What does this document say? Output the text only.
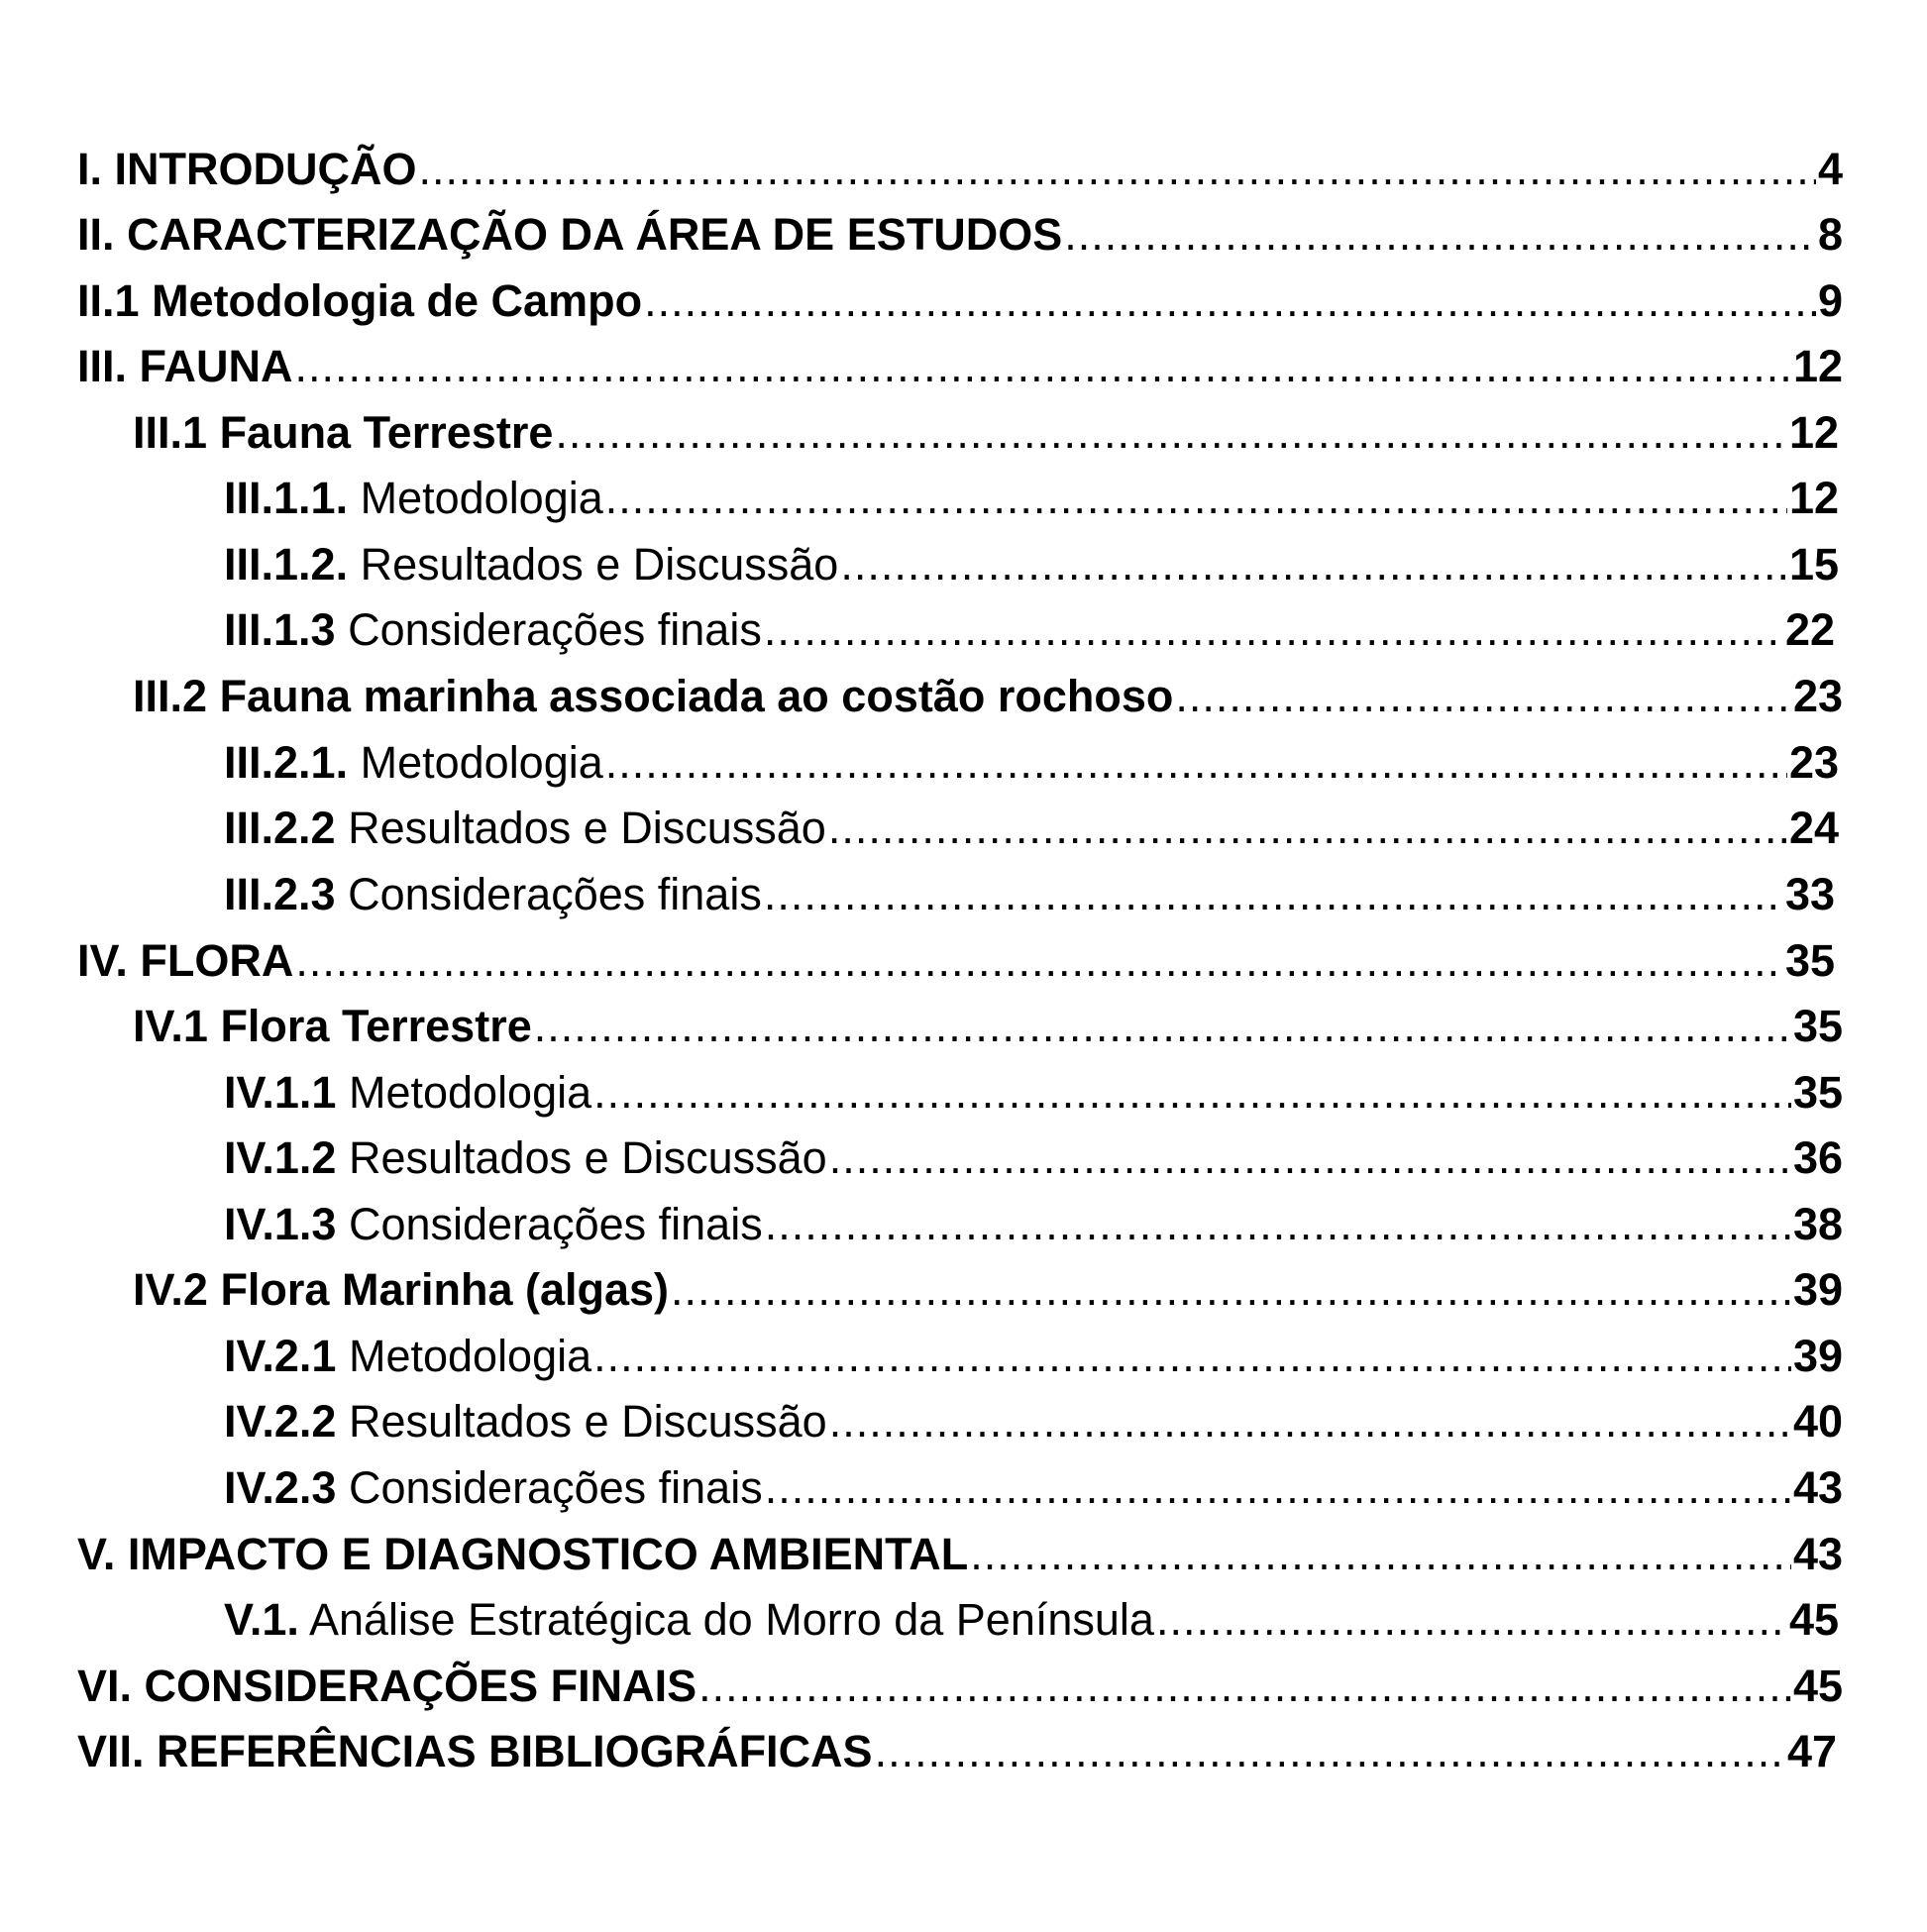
I. INTRODUÇÃO .....	4
II. CARACTERIZAÇÃO DA ÁREA DE ESTUDOS .....	8
II.1 Metodologia de Campo .....	9
III. FAUNA .....	12
III.1 Fauna Terrestre .....	12
III.1.1. Metodologia .....	12
III.1.2. Resultados e Discussão .....	15
III.1.3 Considerações finais .....	22
III.2 Fauna marinha associada ao costão rochoso .....	23
III.2.1. Metodologia .....	23
III.2.2 Resultados e Discussão .....	24
III.2.3 Considerações finais .....	33
IV. FLORA .....	35
IV.1 Flora Terrestre .....	35
IV.1.1 Metodologia .....	35
IV.1.2 Resultados e Discussão .....	36
IV.1.3 Considerações finais .....	38
IV.2 Flora Marinha (algas) .....	39
IV.2.1 Metodologia .....	39
IV.2.2 Resultados e Discussão .....	40
IV.2.3 Considerações finais .....	43
V. IMPACTO E DIAGNOSTICO AMBIENTAL .....	43
V.1. Análise Estratégica do Morro da Península .....	45
VI. CONSIDERAÇÕES FINAIS .....	45
VII. REFERÊNCIAS BIBLIOGRÁFICAS .....	47
